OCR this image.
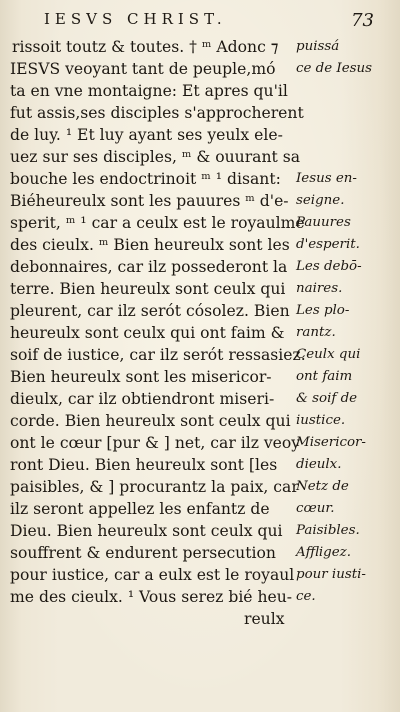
IESVS CHRIST.	73
rissoit toutz & toutes. † ᵐ Adonc ⁊ puissá
IESVS veoyant tant de peuple,mó ce de Iesus
ta en vne montaigne: Et apres qu'il
fut assis,ses disciples s'approcherent
de luy. ¹ Et luy ayant ses yeulx ele-
uez sur ses disciples, ᵐ & ouurant sa
bouche les endoctrinoit ᵐ ¹ disant: Iesus en-
Biéheureulx sont les pauures ᵐ d'e- seigne.
sperit, ᵐ ¹ car a ceulx est le royaulme
Pauures
des cieulx. ᵐ Bien heureulx sont les d'esperit.
debonnaires, car ilz possederont la Les debō-
terre. Bien heureulx sont ceulx qui naires.
pleurent, car ilz serót cósolez. Bien Les plo-
heureulx sont ceulx qui ont faim & rantz.
soif de iustice, car ilz serót ressasiez.
Ceulx qui
Bien heureulx sont les misericor- ont faim
dieulx, car ilz obtiendront miseri- & soif de
corde. Bien heureulx sont ceulx qui iustice.
ont le cœur [pur & ] net, car ilz veoy
Misericor-
ront Dieu. Bien heureulx sont [les dieulx.
paisibles, & ] procurantz la paix, car
Netz de
ilz seront appellez les enfantz de cœur.
Dieu. Bien heureulx sont ceulx qui Paisibles.
souffrent & endurent persecution Affligez.
pour iustice, car a eulx est le royaul pour iusti-
me des cieulx. ¹ Vous serez bié heu- ce.
reulx
